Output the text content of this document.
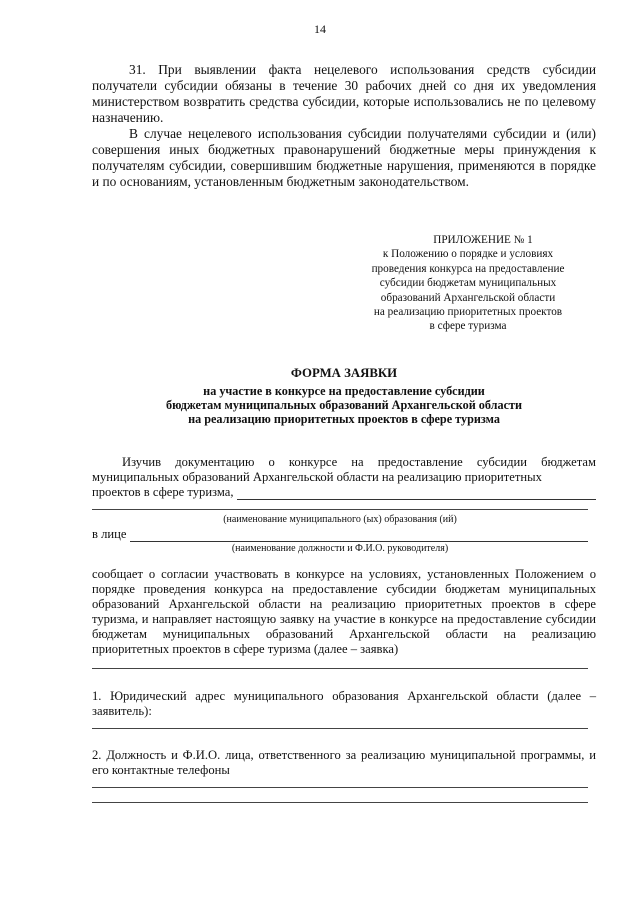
14

31. При выявлении факта нецелевого использования средств субсидии получатели субсидии обязаны в течение 30 рабочих дней со дня их уведомления министерством возвратить средства субсидии, которые использовались не по целевому назначению.

В случае нецелевого использования субсидии получателями субсидии и (или) совершения иных бюджетных правонарушений бюджетные меры принуждения к получателям субсидии, совершившим бюджетные нарушения, применяются в порядке и по основаниям, установленным бюджетным законодательством.

ПРИЛОЖЕНИЕ № 1
к Положению о порядке и условиях
проведения конкурса на предоставление
субсидии бюджетам муниципальных
образований Архангельской области
на реализацию приоритетных проектов
в сфере туризма
ФОРМА ЗАЯВКИ
на участие в конкурсе на предоставление субсидии
бюджетам муниципальных образований Архангельской области
на реализацию приоритетных проектов в сфере туризма

Изучив документацию о конкурсе на предоставление субсидии бюджетам муниципальных образований Архангельской области на реализацию приоритетных

проектов в сфере туризма,
(наименование муниципального (ых) образования (ий)
в лице
(наименование должности и Ф.И.О. руководителя)

сообщает о согласии участвовать в конкурсе на условиях, установленных Положением о порядке проведения конкурса на предоставление субсидии бюджетам муниципальных образований Архангельской области на реализацию приоритетных проектов в сфере туризма, и направляет настоящую заявку на участие в конкурсе на предоставление субсидии бюджетам муниципальных образований Архангельской области на реализацию приоритетных проектов в сфере туризма (далее – заявка)

1. Юридический адрес муниципального образования Архангельской области (далее – заявитель):

2. Должность и Ф.И.О. лица, ответственного за реализацию муниципальной программы, и его контактные телефоны
